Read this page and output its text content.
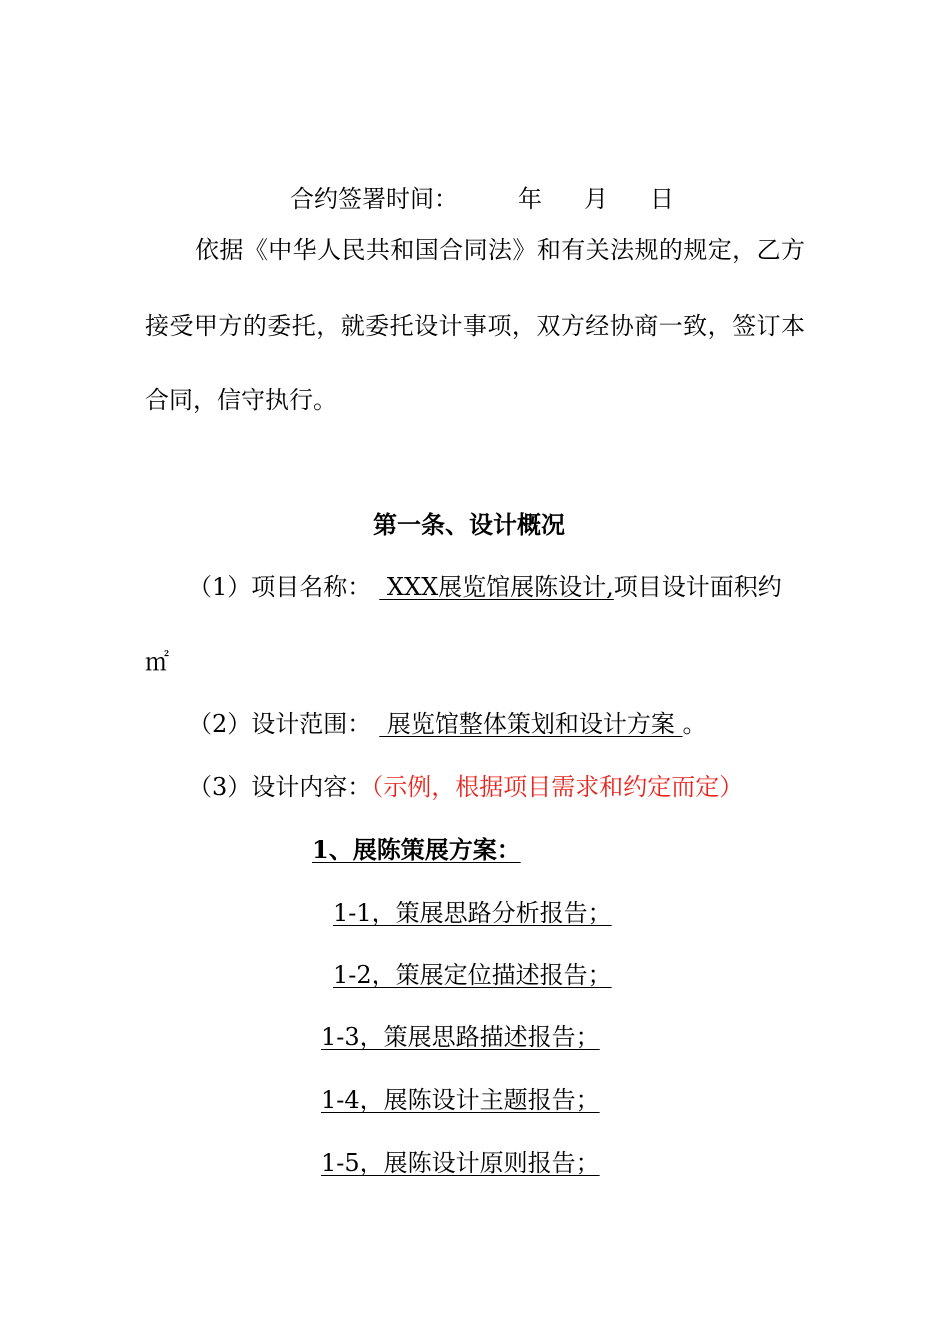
合约签署时间：	年 月 日
依据《中华人民共和国合同法》和有关法规的规定，乙方
接受甲方的委托，就委托设计事项，双方经协商一致，签订本
合同，信守执行。
第一条、设计概况
（1）项目名称： XXX展览馆展陈设计,项目设计面积约
㎡
（2）设计范围： 展览馆整体策划和设计方案 。
（3）设计内容：（示例，根据项目需求和约定而定）
1、展陈策展方案：
1-1，策展思路分析报告；
1-2，策展定位描述报告；
1-3，策展思路描述报告；
1-4，展陈设计主题报告；
1-5，展陈设计原则报告；
